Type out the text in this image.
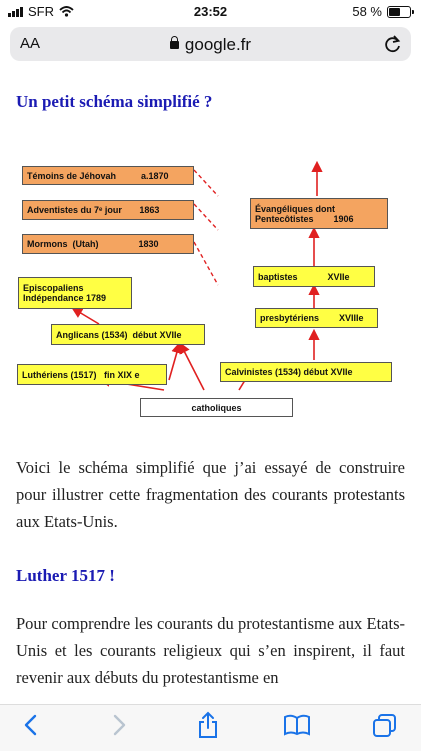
SFR	23:52	58 %
AA	google.fr
Un petit schéma simplifié ?
Témoins de Jéhovah          a.1870
Adventistes du 7ᵉ jour       1863
Mormons  (Utah)                1830
Episcopaliens
Indépendance 1789
Anglicans (1534)  début XVIIe
Luthériens (1517)   fin XIX e
catholiques
Calvinistes (1534) début XVIIe
presbytériens        XVIIIe
baptistes            XVIIe
Évangéliques dont
Pentecôtistes        1906
Voici le schéma simplifié que j’ai essayé de construire pour illustrer cette fragmentation des courants protestants aux Etats-Unis.
Luther 1517 !
Pour comprendre les courants du protestantisme aux Etats-Unis et les courants religieux qui s’en inspirent, il faut revenir aux débuts du protestantisme en
